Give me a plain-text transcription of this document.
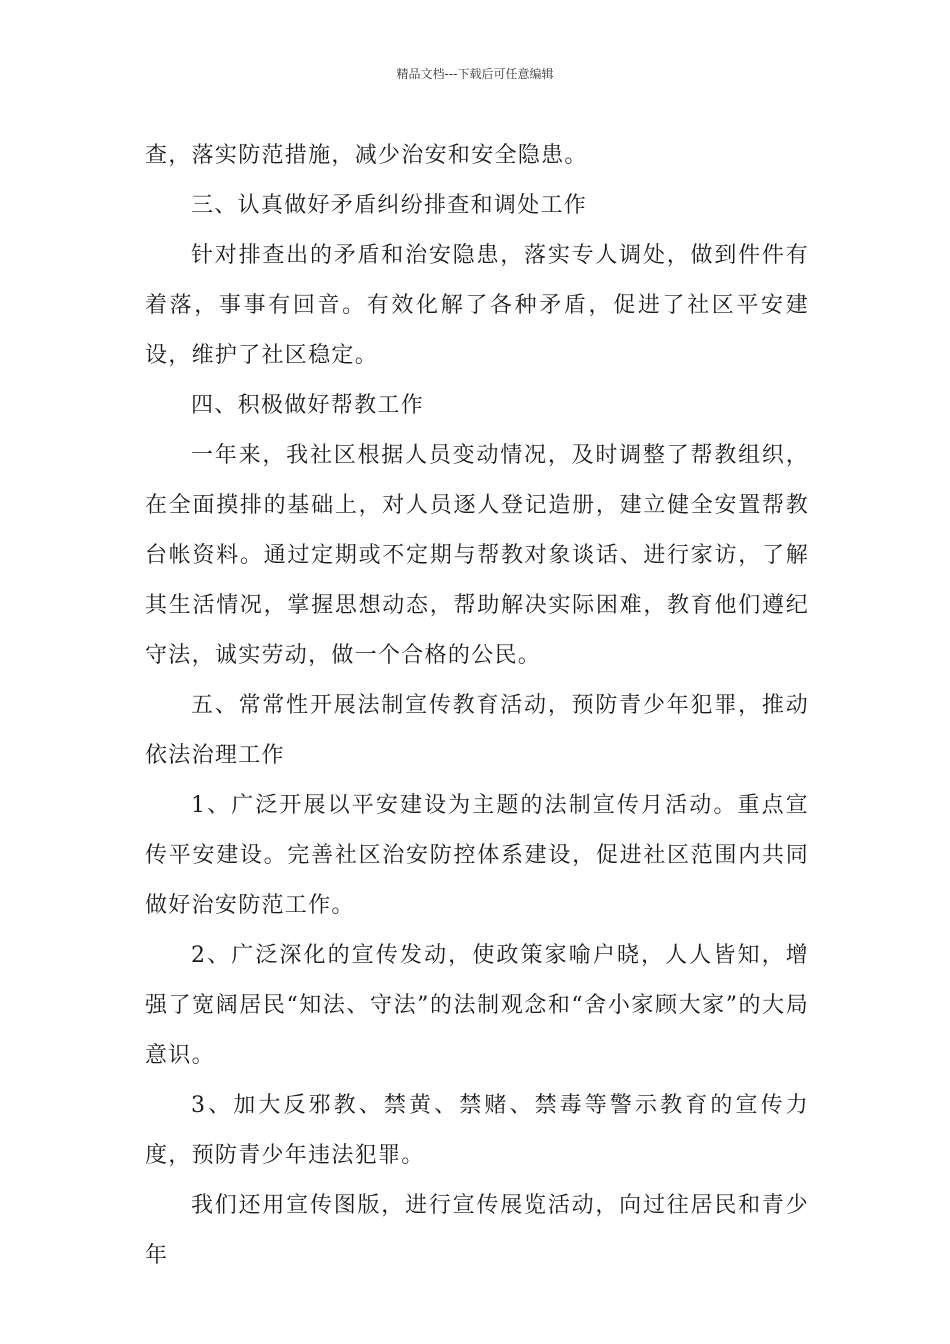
精品文档---下载后可任意编辑

查，落实防范措施，减少治安和安全隐患。

三、认真做好矛盾纠纷排查和调处工作

针对排查出的矛盾和治安隐患，落实专人调处，做到件件有着落，事事有回音。有效化解了各种矛盾，促进了社区平安建设，维护了社区稳定。

四、积极做好帮教工作

一年来，我社区根据人员变动情况，及时调整了帮教组织，在全面摸排的基础上，对人员逐人登记造册，建立健全安置帮教台帐资料。通过定期或不定期与帮教对象谈话、进行家访，了解其生活情况，掌握思想动态，帮助解决实际困难，教育他们遵纪守法，诚实劳动，做一个合格的公民。

五、常常性开展法制宣传教育活动，预防青少年犯罪，推动依法治理工作

1、广泛开展以平安建设为主题的法制宣传月活动。重点宣传平安建设。完善社区治安防控体系建设，促进社区范围内共同做好治安防范工作。

2、广泛深化的宣传发动，使政策家喻户晓，人人皆知，增强了宽阔居民“知法、守法”的法制观念和“舍小家顾大家”的大局意识。

3、加大反邪教、禁黄、禁赌、禁毒等警示教育的宣传力度，预防青少年违法犯罪。

我们还用宣传图版，进行宣传展览活动，向过往居民和青少年
